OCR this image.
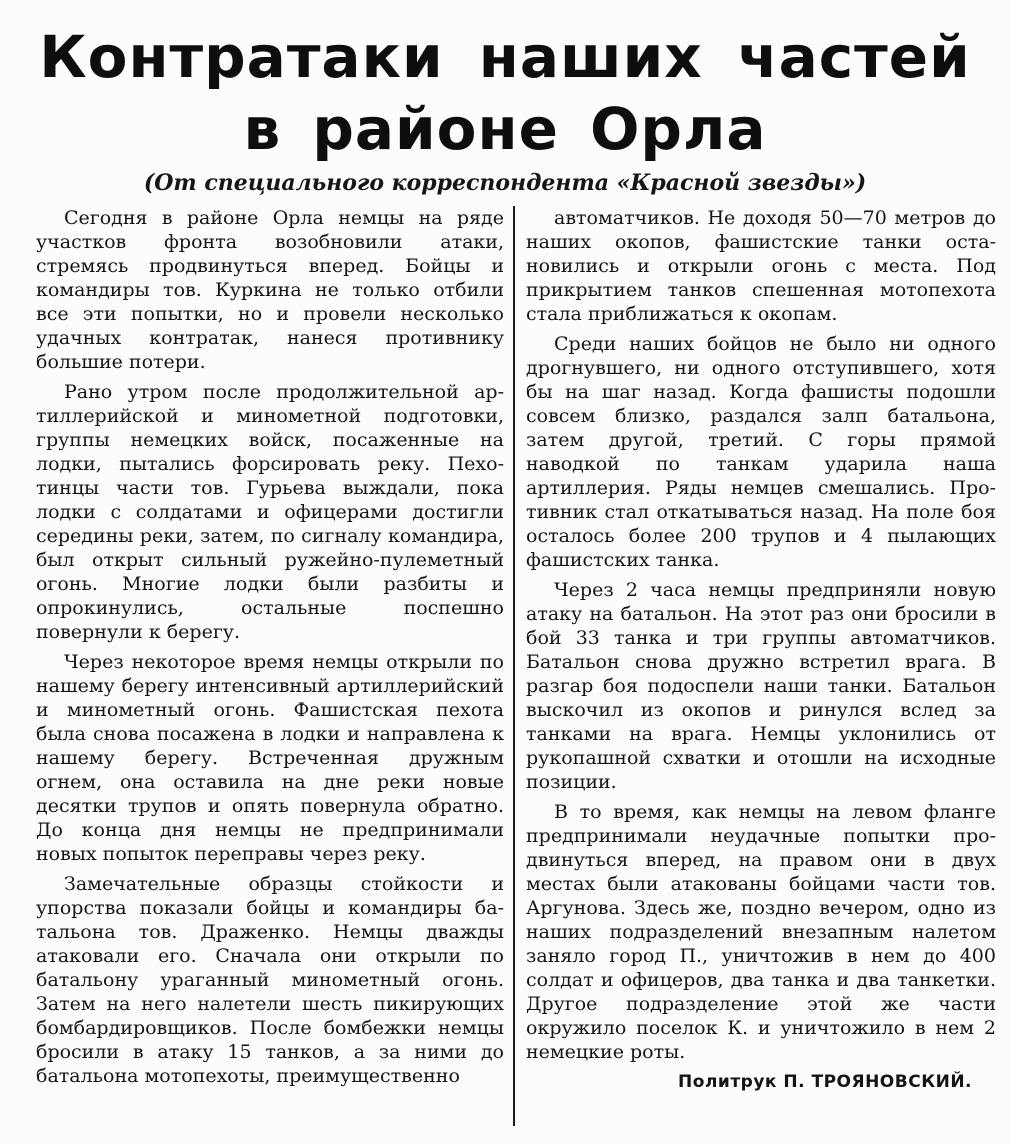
Контратаки наших частей
в районе Орла
(От специального корреспондента «Красной звезды»)

Сегодня в районе Орла немцы на ряде участков фронта возобновили атаки, стремясь продвинуться вперед. Бойцы и командиры тов. Куркина не только отбили все эти попытки, но и провели несколько удачных контратак, нанеся противнику большие потери.

Рано утром после продолжительной артиллерийской и минометной подготовки, группы немецких войск, посаженные на лодки, пытались форсировать реку. Пехотинцы части тов. Гурьева выждали, пока лодки с солдатами и офицерами достигли середины реки, затем, по сигналу командира, был открыт сильный ружейно-пулеметный огонь. Многие лодки были разбиты и опрокинулись, остальные поспешно повернули к берегу.

Через некоторое время немцы открыли по нашему берегу интенсивный артиллерийский и минометный огонь. Фашистская пехота была снова посажена в лодки и направлена к нашему берегу. Встреченная дружным огнем, она оставила на дне реки новые десятки трупов и опять повернула обратно. До конца дня немцы не предпринимали новых попыток переправы через реку.

Замечательные образцы стойкости и упорства показали бойцы и командиры батальона тов. Драженко. Немцы дважды атаковали его. Сначала они открыли по батальону ураганный минометный огонь. Затем на него налетели шесть пикирующих бомбардировщиков. После бомбежки немцы бросили в атаку 15 танков, а за ними до батальона мотопехоты, преимущественно

автоматчиков. Не доходя 50—70 метров до наших окопов, фашистские танки остановились и открыли огонь с места. Под прикрытием танков спешенная мотопехота стала приближаться к окопам.

Среди наших бойцов не было ни одного дрогнувшего, ни одного отступившего, хотя бы на шаг назад. Когда фашисты подошли совсем близко, раздался залп батальона, затем другой, третий. С горы прямой наводкой по танкам ударила наша артиллерия. Ряды немцев смешались. Противник стал откатываться назад. На поле боя осталось более 200 трупов и 4 пылающих фашистских танка.

Через 2 часа немцы предприняли новую атаку на батальон. На этот раз они бросили в бой 33 танка и три группы автоматчиков. Батальон снова дружно встретил врага. В разгар боя подоспели наши танки. Батальон выскочил из окопов и ринулся вслед за танками на врага. Немцы уклонились от рукопашной схватки и отошли на исходные позиции.

В то время, как немцы на левом фланге предпринимали неудачные попытки продвинуться вперед, на правом они в двух местах были атакованы бойцами части тов. Аргунова. Здесь же, поздно вечером, одно из наших подразделений внезапным налетом заняло город П., уничтожив в нем до 400 солдат и офицеров, два танка и два танкетки. Другое подразделение этой же части окружило поселок К. и уничтожило в нем 2 немецкие роты.

Политрук П. ТРОЯНОВСКИЙ.
